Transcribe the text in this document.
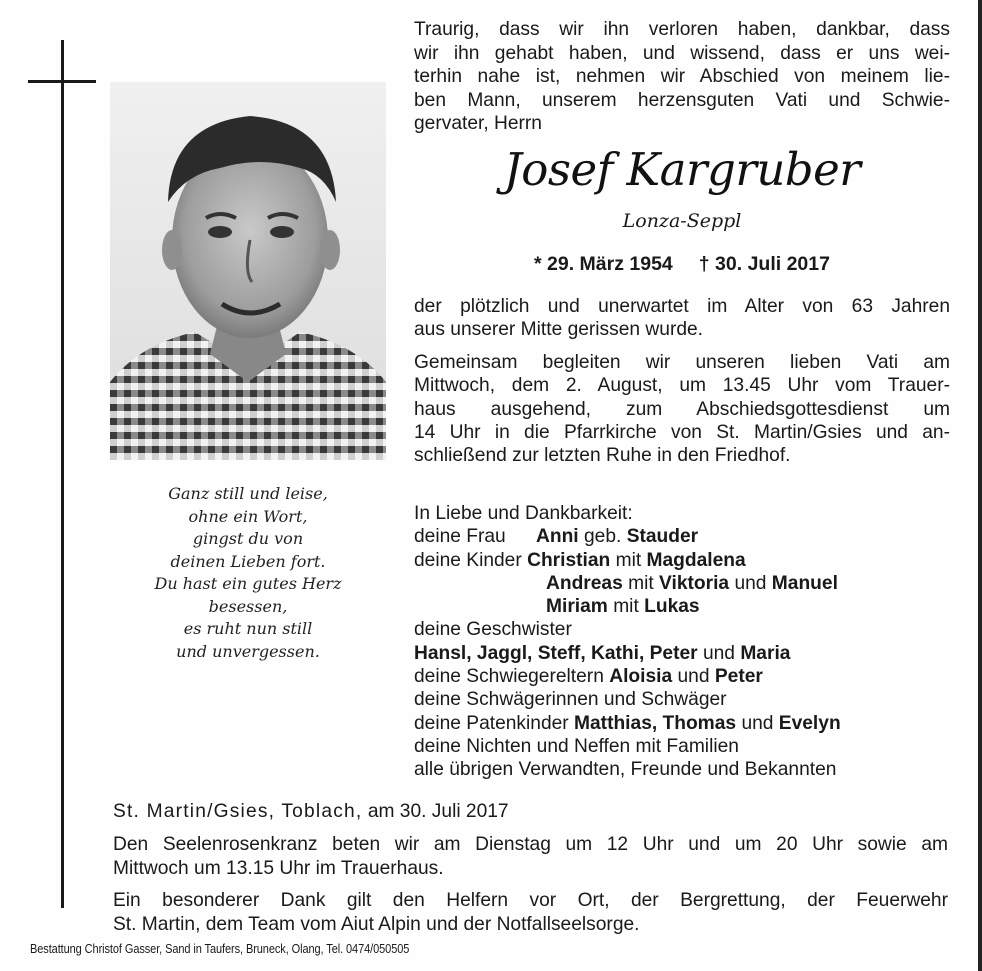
Ganz still und leise,
ohne ein Wort,
gingst du von
deinen Lieben fort.
Du hast ein gutes Herz
besessen,
es ruht nun still
und unvergessen.
Traurig, dass wir ihn verloren haben, dankbar, dass
wir ihn gehabt haben, und wissend, dass er uns wei-
terhin nahe ist, nehmen wir Abschied von meinem lie-
ben Mann, unserem herzensguten Vati und Schwie-
gervater, Herrn
Josef Kargruber
Lonza-Seppl
* 29. März 1954 † 30. Juli 2017
der plötzlich und unerwartet im Alter von 63 Jahren
aus unserer Mitte gerissen wurde.
Gemeinsam begleiten wir unseren lieben Vati am
Mittwoch, dem 2. August, um 13.45 Uhr vom Trauer-
haus ausgehend, zum Abschiedsgottesdienst um
14 Uhr in die Pfarrkirche von St. Martin/Gsies und an-
schließend zur letzten Ruhe in den Friedhof.
In Liebe und Dankbarkeit:
deine Frau Anni geb. Stauder
deine Kinder Christian mit Magdalena
Andreas mit Viktoria und Manuel
Miriam mit Lukas
deine Geschwister
Hansl, Jaggl, Steff, Kathi, Peter und Maria
deine Schwiegereltern Aloisia und Peter
deine Schwägerinnen und Schwäger
deine Patenkinder Matthias, Thomas und Evelyn
deine Nichten und Neffen mit Familien
alle übrigen Verwandten, Freunde und Bekannten
St. Martin/Gsies, Toblach, am 30. Juli 2017
Den Seelenrosenkranz beten wir am Dienstag um 12 Uhr und um 20 Uhr sowie am
Mittwoch um 13.15 Uhr im Trauerhaus.
Ein besonderer Dank gilt den Helfern vor Ort, der Bergrettung, der Feuerwehr
St. Martin, dem Team vom Aiut Alpin und der Notfallseelsorge.
Bestattung Christof Gasser, Sand in Taufers, Bruneck, Olang, Tel. 0474/050505
